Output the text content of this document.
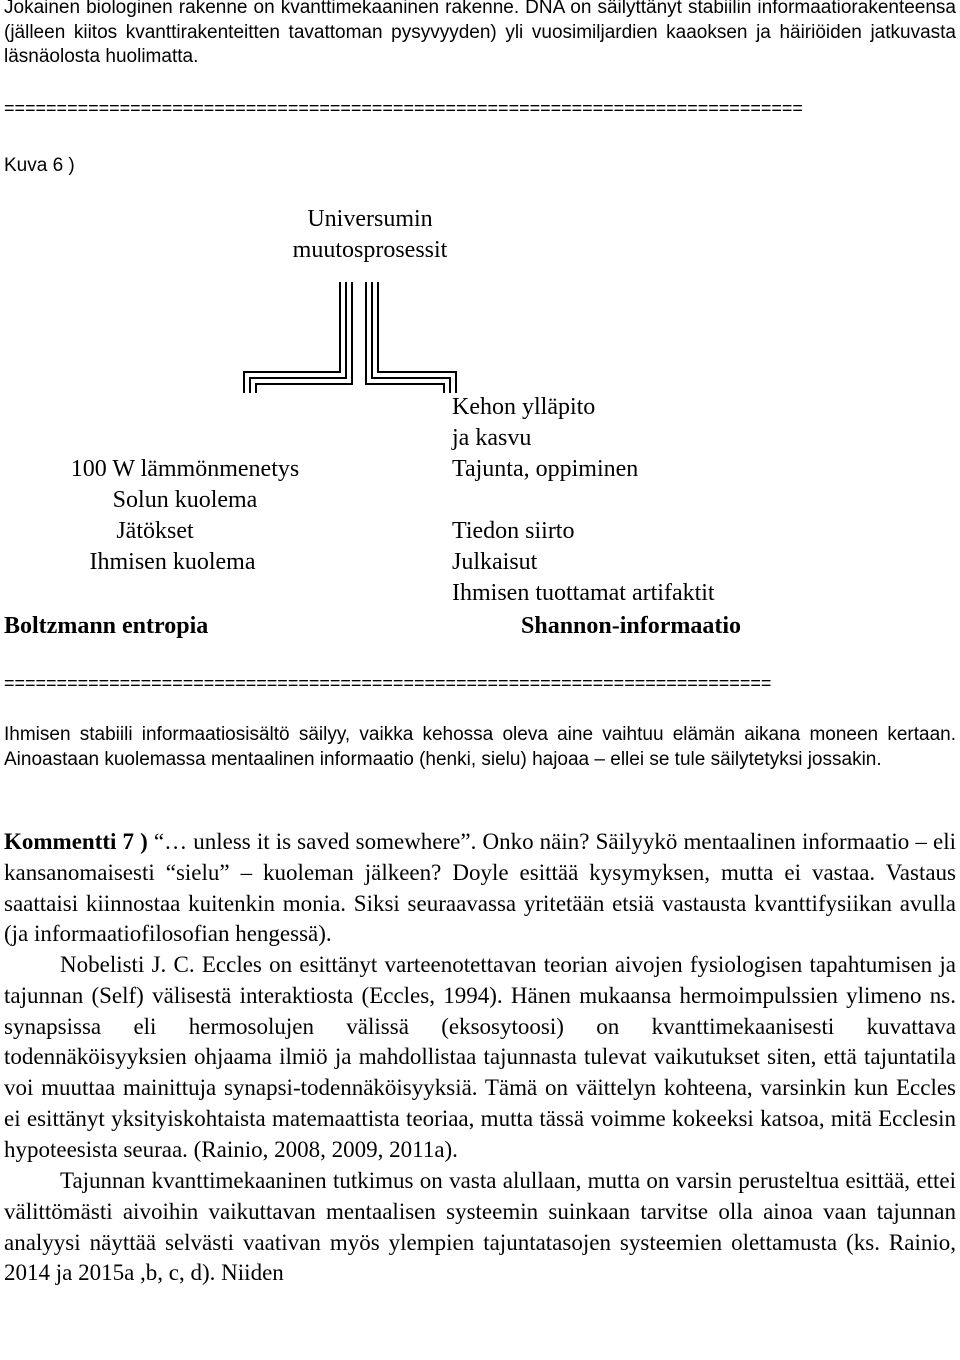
Jokainen biologinen rakenne on kvanttimekaaninen rakenne. DNA on säilyttänyt stabiilin informaatiorakenteensa (jälleen kiitos kvanttirakenteitten tavattoman pysyvyyden) yli vuosimiljardien kaaoksen ja häiriöiden jatkuvasta läsnäolosta huolimatta.
============================================================================
Kuva 6 )
Universumin
muutosprosessit
100 W lämmönmenetys
Solun kuolema
Jätökset
Ihmisen kuolema
Boltzmann entropia
Kehon ylläpito
ja kasvu
Tajunta, oppiminen
Tiedon siirto
Julkaisut
Ihmisen tuottamat artifaktit
Shannon-informaatio
=========================================================================
Ihmisen stabiili informaatiosisältö säilyy, vaikka kehossa oleva aine vaihtuu elämän aikana moneen kertaan. Ainoastaan kuolemassa mentaalinen informaatio (henki, sielu) hajoaa – ellei se tule säilytetyksi jossakin.
Kommentti 7 ) “… unless it is saved somewhere”. Onko näin? Säilyykö mentaalinen informaatio – eli kansanomaisesti “sielu” – kuoleman jälkeen? Doyle esittää kysymyksen, mutta ei vastaa. Vastaus saattaisi kiinnostaa kuitenkin monia. Siksi seuraavassa yritetään etsiä vastausta kvanttifysiikan avulla (ja informaatiofilosofian hengessä).
Nobelisti J. C. Eccles on esittänyt varteenotettavan teorian aivojen fysiologisen tapahtumisen ja tajunnan (Self) välisestä interaktiosta (Eccles, 1994). Hänen mukaansa hermoimpulssien ylimeno ns. synapsissa eli hermosolujen välissä (eksosytoosi) on kvanttimekaanisesti kuvattava todennäköisyyksien ohjaama ilmiö ja mahdollistaa tajunnasta tulevat vaikutukset siten, että tajuntatila voi muuttaa mainittuja synapsi-todennäköisyyksiä. Tämä on väittelyn kohteena, varsinkin kun Eccles ei esittänyt yksityiskohtaista matemaattista teoriaa, mutta tässä voimme kokeeksi katsoa, mitä Ecclesin hypoteesista seuraa. (Rainio, 2008, 2009, 2011a).
Tajunnan kvanttimekaaninen tutkimus on vasta alullaan, mutta on varsin perusteltua esittää, ettei välittömästi aivoihin vaikuttavan mentaalisen systeemin suinkaan tarvitse olla ainoa vaan tajunnan analyysi näyttää selvästi vaativan myös ylempien tajuntatasojen systeemien olettamusta (ks. Rainio, 2014 ja 2015a ,b, c, d). Niiden
